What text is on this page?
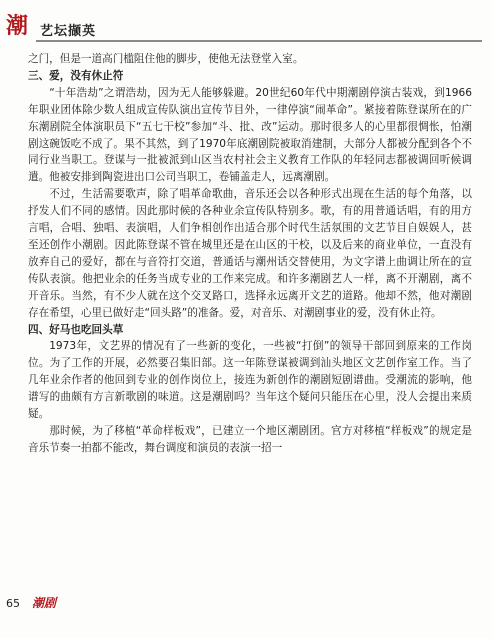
潮 艺坛撷英

之门，但是一道高门槛阻住他的脚步，使他无法登堂入室。

三、爱，没有休止符

“十年浩劫”之谓浩劫，因为无人能够躲避。20世纪60年代中期潮剧停演古装戏，到1966年职业团体除少数人组成宣传队演出宣传节目外，一律停演“闹革命”。紧接着陈登谋所在的广东潮剧院全体演职员下“五七干校”参加“斗、批、改”运动。那时很多人的心里都很惆怅，怕潮剧这碗饭吃不成了。果不其然，到了1970年底潮剧院被取消建制，大部分人都被分配到各个不同行业当职工。登谋与一批被派到山区当农村社会主义教育工作队的年轻同志都被调回听候调遣。他被安排到陶瓷进出口公司当职工，卷铺盖走人，远离潮剧。

不过，生活需要歌声，除了唱革命歌曲，音乐还会以各种形式出现在生活的每个角落，以抒发人们不同的感情。因此那时候的各种业余宣传队特别多。歌，有的用普通话唱，有的用方言唱，合唱、独唱、表演唱，人们争相创作出适合那个时代生活氛围的文艺节目自娱娱人，甚至还创作小潮剧。因此陈登谋不管在城里还是在山区的干校，以及后来的商业单位，一直没有放弃自己的爱好，都在与音符打交道，普通话与潮州话交替使用，为文字谱上曲调让所在的宣传队表演。他把业余的任务当成专业的工作来完成。和许多潮剧艺人一样，离不开潮剧，离不开音乐。当然，有不少人就在这个交叉路口，选择永远离开文艺的道路。他却不然，他对潮剧存在希望，心里已做好走“回头路”的准备。爱，对音乐、对潮剧事业的爱，没有休止符。

四、好马也吃回头草

1973年，文艺界的情况有了一些新的变化，一些被“打倒”的领导干部回到原来的工作岗位。为了工作的开展，必然要召集旧部。这一年陈登谋被调到汕头地区文艺创作室工作。当了几年业余作者的他回到专业的创作岗位上，接连为新创作的潮剧短剧谱曲。受潮流的影响，他谱写的曲颇有方言新歌剧的味道。这是潮剧吗？当年这个疑问只能压在心里，没人会提出来质疑。

那时候，为了移植“革命样板戏”，已建立一个地区潮剧团。官方对移植“样板戏”的规定是音乐节奏一拍都不能改，舞台调度和演员的表演一招一

65 潮剧
